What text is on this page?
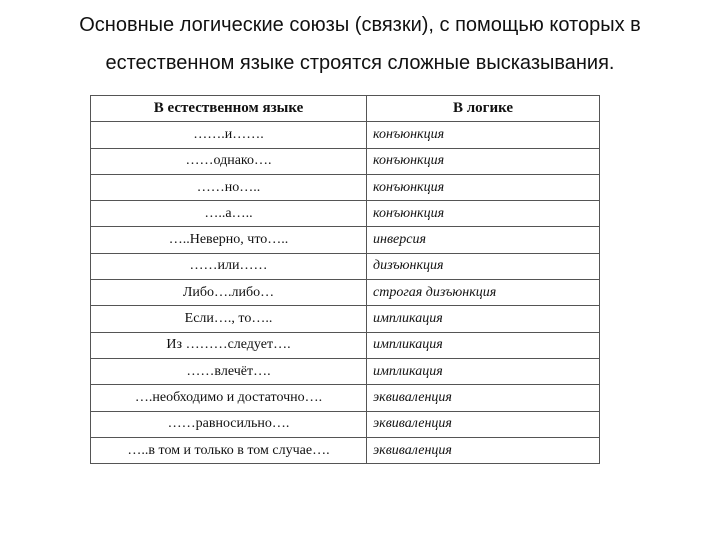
Основные логические союзы (связки), с помощью которых в

естественном языке строятся сложные высказывания.

В естественном языке	В логике
…….и…….	конъюнкция
……однако….	конъюнкция
……но…..	конъюнкция
…..а…..	конъюнкция
…..Неверно, что…..	инверсия
……или……	дизъюнкция
Либо….либо…	строгая дизъюнкция
Если…., то…..	импликация
Из ………следует….	импликация
……влечёт….	импликация
….необходимо и достаточно….	эквиваленция
……равносильно….	эквиваленция
…..в том и только в том случае….	эквиваленция
